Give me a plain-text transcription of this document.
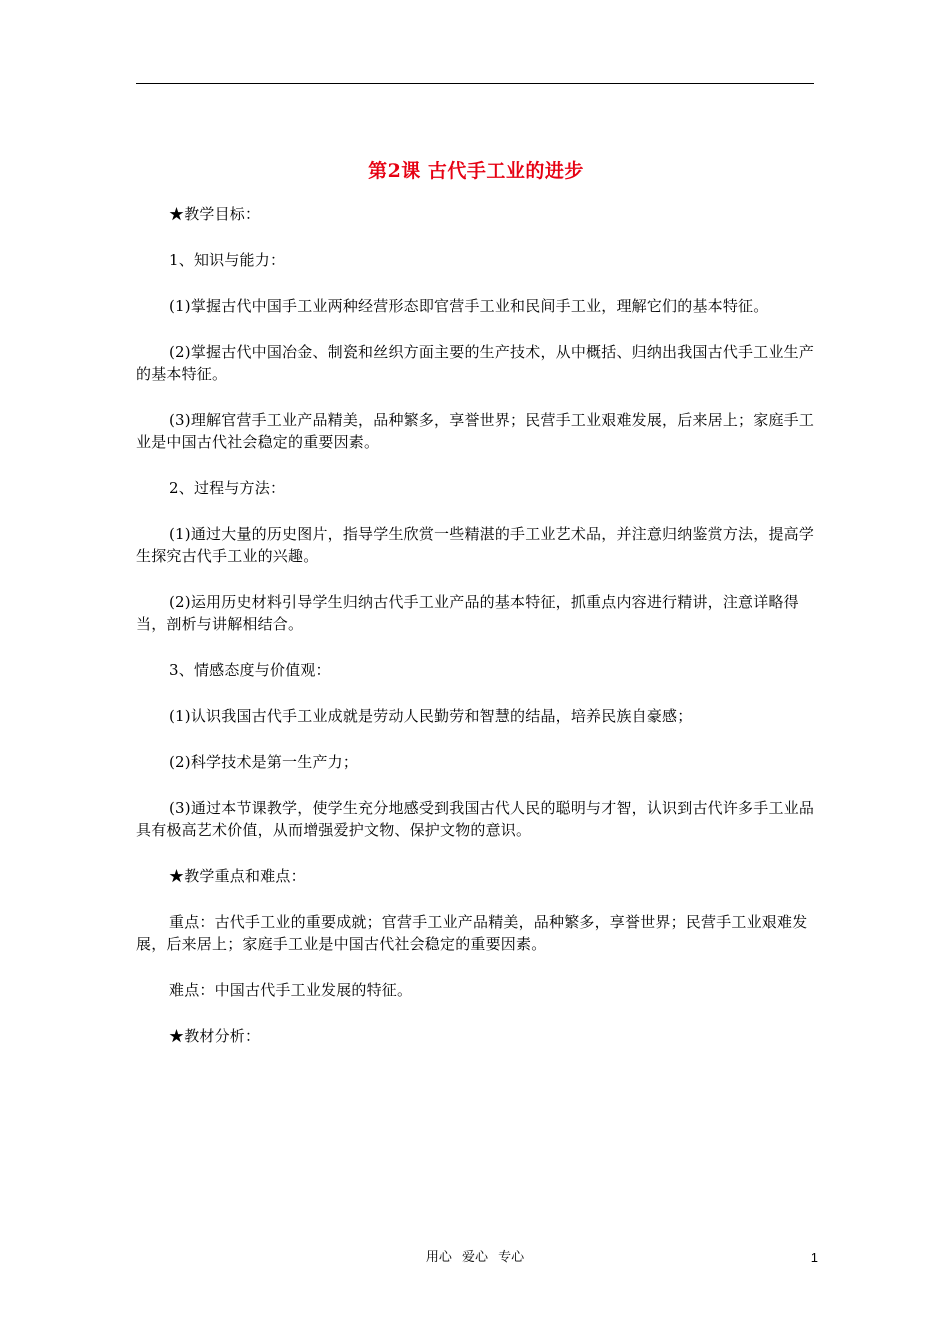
第2课 古代手工业的进步

★教学目标：

1、知识与能力：

(1)掌握古代中国手工业两种经营形态即官营手工业和民间手工业，理解它们的基本特征。

(2)掌握古代中国冶金、制瓷和丝织方面主要的生产技术，从中概括、归纳出我国古代手工业生产的基本特征。

(3)理解官营手工业产品精美，品种繁多，享誉世界；民营手工业艰难发展，后来居上；家庭手工业是中国古代社会稳定的重要因素。

2、过程与方法：

(1)通过大量的历史图片，指导学生欣赏一些精湛的手工业艺术品，并注意归纳鉴赏方法，提高学生探究古代手工业的兴趣。

(2)运用历史材料引导学生归纳古代手工业产品的基本特征，抓重点内容进行精讲，注意详略得当，剖析与讲解相结合。

3、情感态度与价值观：

(1)认识我国古代手工业成就是劳动人民勤劳和智慧的结晶，培养民族自豪感；

(2)科学技术是第一生产力；

(3)通过本节课教学，使学生充分地感受到我国古代人民的聪明与才智，认识到古代许多手工业品具有极高艺术价值，从而增强爱护文物、保护文物的意识。

★教学重点和难点：

重点：古代手工业的重要成就；官营手工业产品精美，品种繁多，享誉世界；民营手工业艰难发展，后来居上；家庭手工业是中国古代社会稳定的重要因素。

难点：中国古代手工业发展的特征。

★教材分析：

用心 爱心 专心	1
